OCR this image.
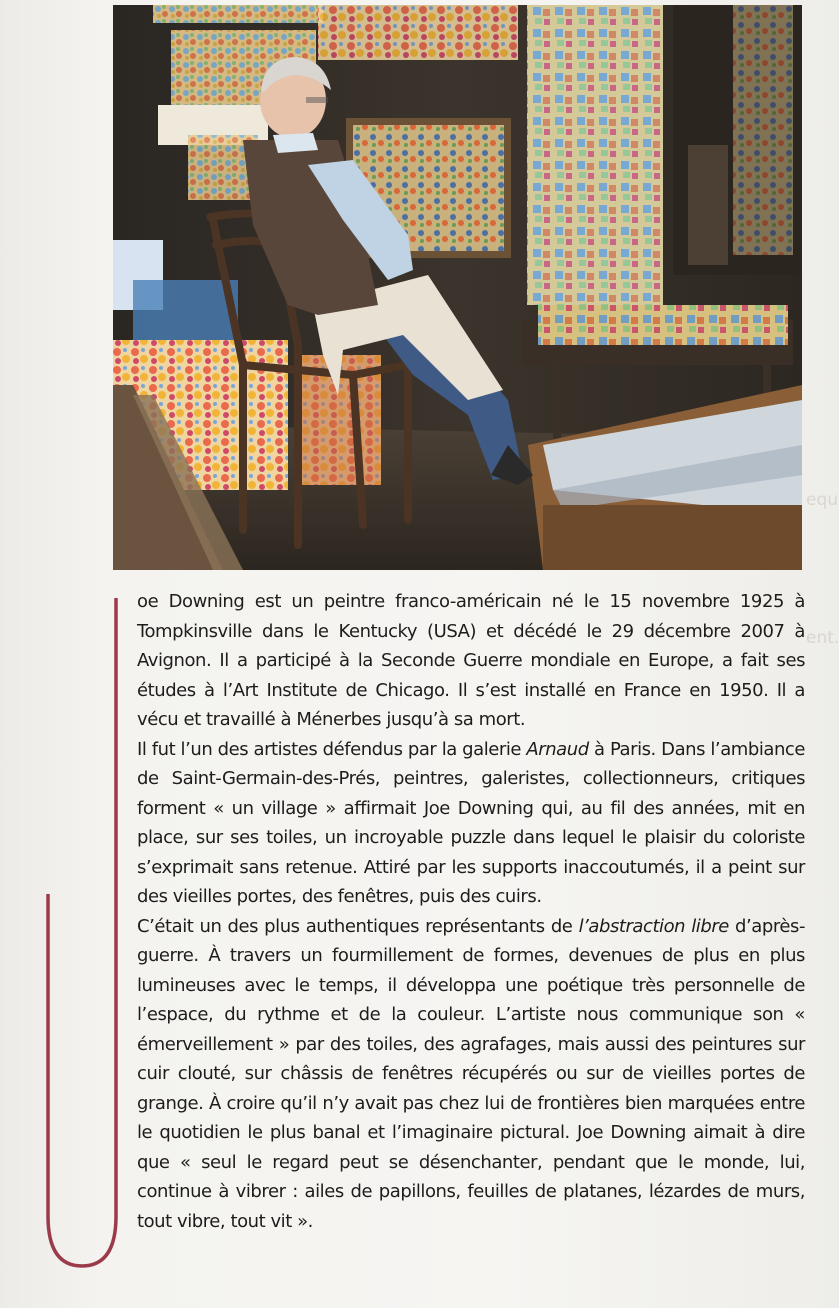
ent.
equ

oe Downing est un peintre franco-américain né le 15 novembre 1925 à Tompkinsville dans le Kentucky (USA) et décédé le 29 décembre 2007 à Avignon. Il a participé à la Seconde Guerre mondiale en Europe, a fait ses études à l’Art Institute de Chicago. Il s’est installé en France en 1950. Il a vécu et travaillé à Ménerbes jusqu’à sa mort.

Il fut l’un des artistes défendus par la galerie Arnaud à Paris. Dans l’ambiance de Saint-Germain-des-Prés, peintres, galeristes, collectionneurs, critiques forment « un village » affirmait Joe Downing qui, au fil des années, mit en place, sur ses toiles, un incroyable puzzle dans lequel le plaisir du coloriste s’exprimait sans retenue. Attiré par les supports inaccoutumés, il a peint sur des vieilles portes, des fenêtres, puis des cuirs.

C’était un des plus authentiques représentants de l’abstraction libre d’après-guerre. À travers un fourmillement de formes, devenues de plus en plus lumineuses avec le temps, il développa une poétique très personnelle de l’espace, du rythme et de la couleur. L’artiste nous communique son « émerveillement » par des toiles, des agrafages, mais aussi des peintures sur cuir clouté, sur châssis de fenêtres récupérés ou sur de vieilles portes de grange. À croire qu’il n’y avait pas chez lui de frontières bien marquées entre le quotidien le plus banal et l’imaginaire pictural. Joe Downing aimait à dire que « seul le regard peut se désenchanter, pendant que le monde, lui, continue à vibrer : ailes de papillons, feuilles de platanes, lézardes de murs, tout vibre, tout vit ».
